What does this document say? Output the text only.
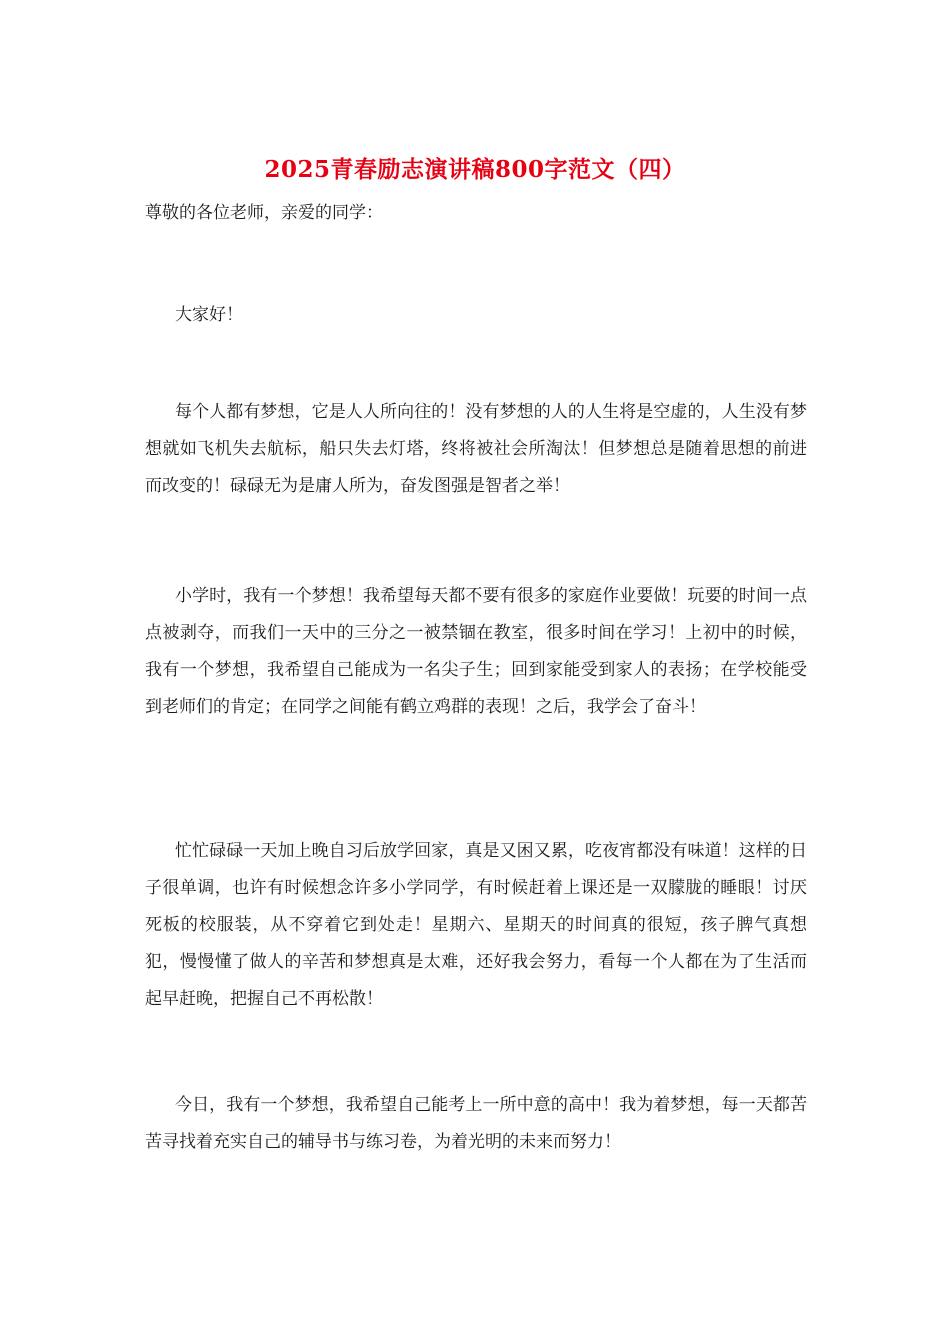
2025青春励志演讲稿800字范文（四）
尊敬的各位老师，亲爱的同学：

大家好！

每个人都有梦想，它是人人所向往的！没有梦想的人的人生将是空虚的，人生没有梦想就如飞机失去航标，船只失去灯塔，终将被社会所淘汰！但梦想总是随着思想的前进而改变的！碌碌无为是庸人所为，奋发图强是智者之举！

小学时，我有一个梦想！我希望每天都不要有很多的家庭作业要做！玩要的时间一点点被剥夺，而我们一天中的三分之一被禁锢在教室，很多时间在学习！上初中的时候，我有一个梦想，我希望自己能成为一名尖子生；回到家能受到家人的表扬；在学校能受到老师们的肯定；在同学之间能有鹤立鸡群的表现！之后，我学会了奋斗！

忙忙碌碌一天加上晚自习后放学回家，真是又困又累，吃夜宵都没有味道！这样的日子很单调，也许有时候想念许多小学同学，有时候赶着上课还是一双朦胧的睡眼！讨厌死板的校服装，从不穿着它到处走！星期六、星期天的时间真的很短，孩子脾气真想犯，慢慢懂了做人的辛苦和梦想真是太难，还好我会努力，看每一个人都在为了生活而起早赶晚，把握自己不再松散！

今日，我有一个梦想，我希望自己能考上一所中意的高中！我为着梦想，每一天都苦苦寻找着充实自己的辅导书与练习卷，为着光明的未来而努力！
